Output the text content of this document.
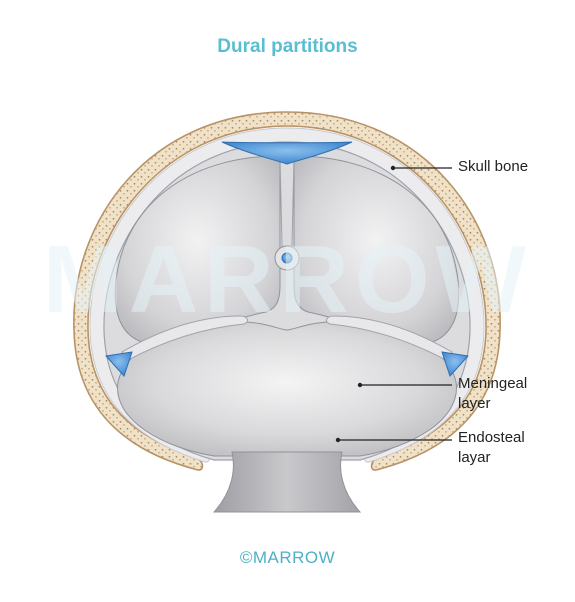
Dural partitions
MARROW
Skull bone
Meningeal
layer
Endosteal
layar
©MARROW
